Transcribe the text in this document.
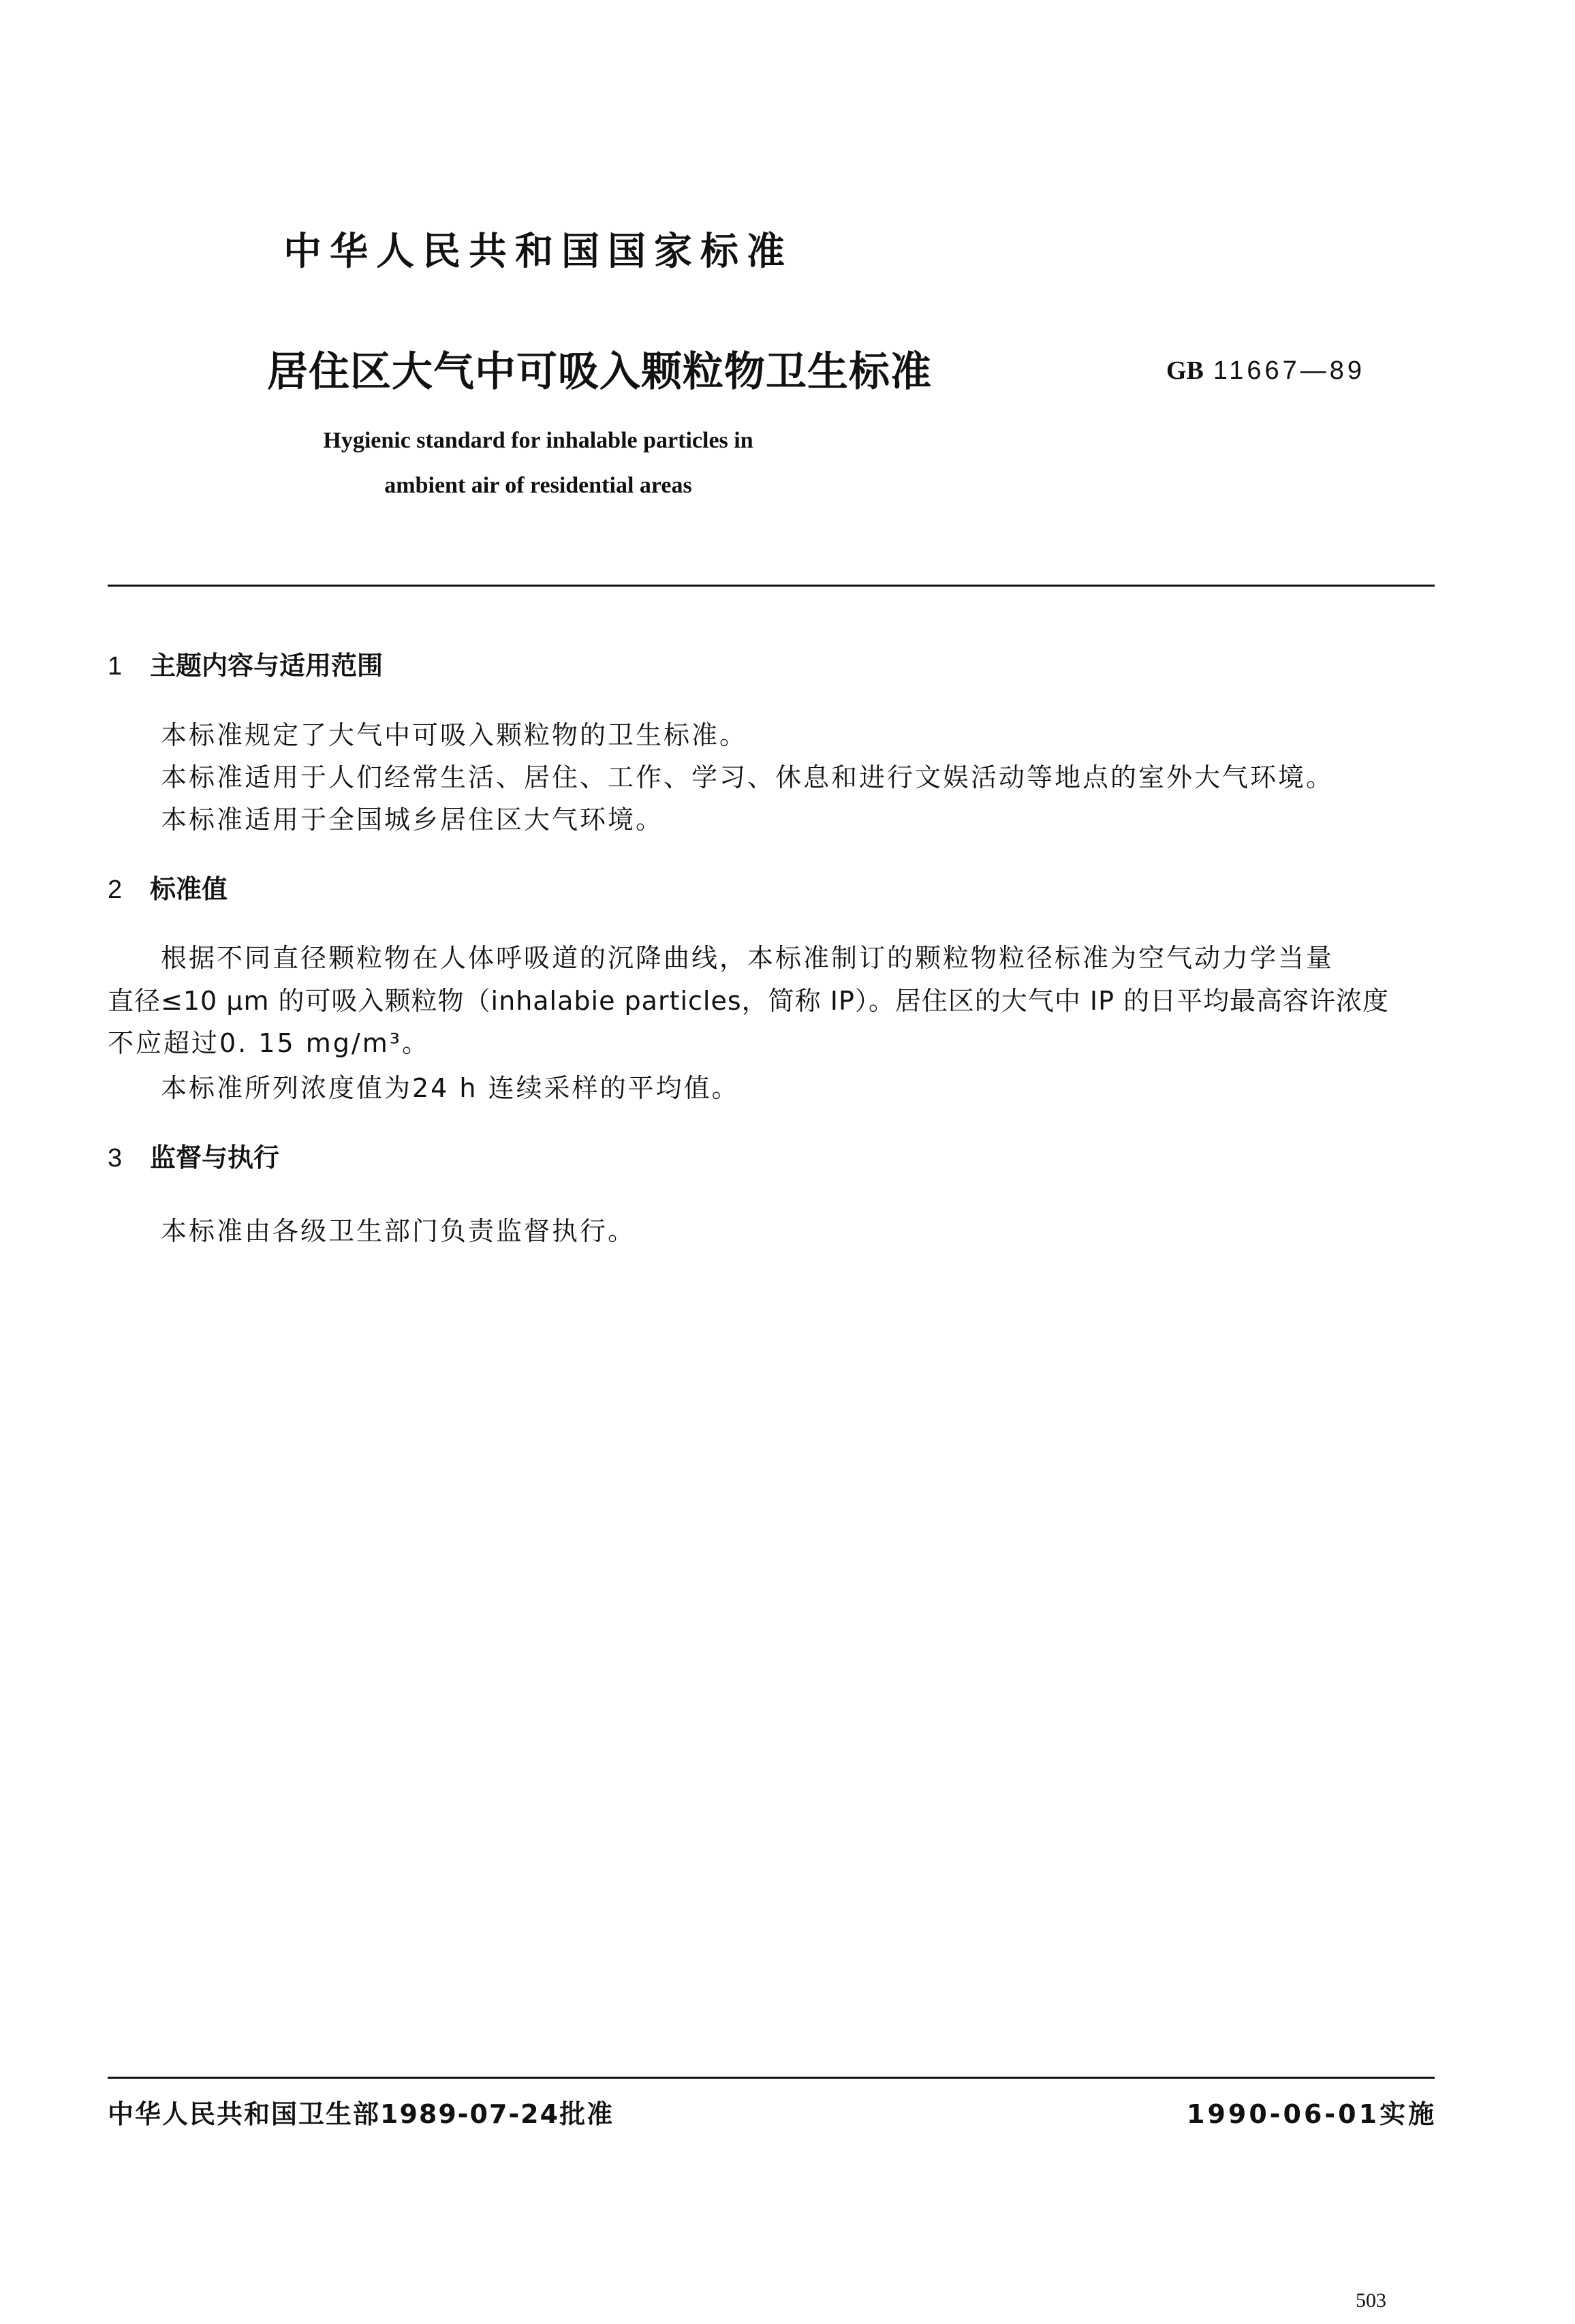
中华人民共和国国家标准
居住区大气中可吸入颗粒物卫生标准	GB 11667—89
Hygienic standard for inhalable particles in
ambient air of residential areas
1 主题内容与适用范围

本标准规定了大气中可吸入颗粒物的卫生标准。

本标准适用于人们经常生活、居住、工作、学习、休息和进行文娱活动等地点的室外大气环境。

本标准适用于全国城乡居住区大气环境。

2 标准值

根据不同直径颗粒物在人体呼吸道的沉降曲线，本标准制订的颗粒物粒径标准为空气动力学当量

直径≤10 μm 的可吸入颗粒物（inhalabie particles，简称 IP）。居住区的大气中 IP 的日平均最高容许浓度

不应超过0. 15 mg/m³。

本标准所列浓度值为24 h 连续采样的平均值。

3 监督与执行

本标准由各级卫生部门负责监督执行。

中华人民共和国卫生部1989-07-24批准	1990-06-01实施
503
